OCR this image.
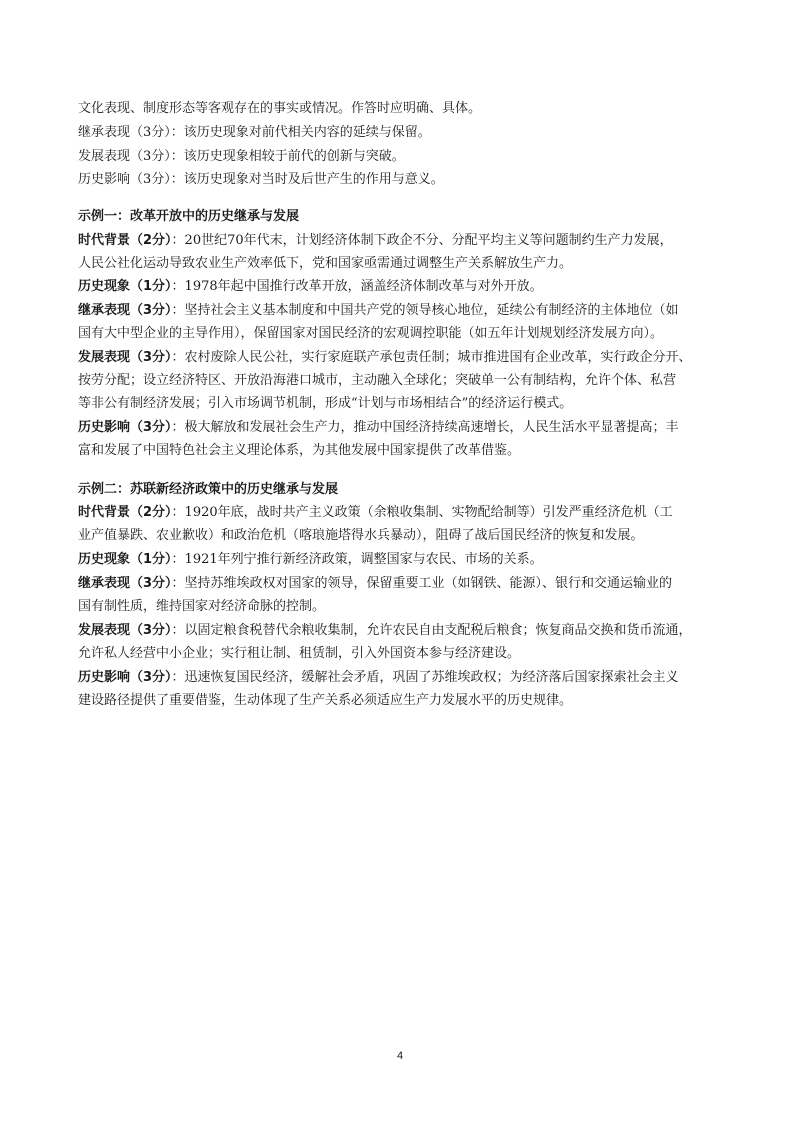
文化表现、制度形态等客观存在的事实或情况。作答时应明确、具体。
继承表现（3分）：该历史现象对前代相关内容的延续与保留。
发展表现（3分）：该历史现象相较于前代的创新与突破。
历史影响（3分）：该历史现象对当时及后世产生的作用与意义。
示例一：改革开放中的历史继承与发展
时代背景（2分）：20世纪70年代末，计划经济体制下政企不分、分配平均主义等问题制约生产力发展，
人民公社化运动导致农业生产效率低下，党和国家亟需通过调整生产关系解放生产力。
历史现象（1分）：1978年起中国推行改革开放，涵盖经济体制改革与对外开放。
继承表现（3分）：坚持社会主义基本制度和中国共产党的领导核心地位，延续公有制经济的主体地位（如
国有大中型企业的主导作用），保留国家对国民经济的宏观调控职能（如五年计划规划经济发展方向）。
发展表现（3分）：农村废除人民公社，实行家庭联产承包责任制；城市推进国有企业改革，实行政企分开、
按劳分配；设立经济特区、开放沿海港口城市，主动融入全球化；突破单一公有制结构，允许个体、私营
等非公有制经济发展；引入市场调节机制，形成“计划与市场相结合”的经济运行模式。
历史影响（3分）：极大解放和发展社会生产力，推动中国经济持续高速增长，人民生活水平显著提高；丰
富和发展了中国特色社会主义理论体系，为其他发展中国家提供了改革借鉴。
示例二：苏联新经济政策中的历史继承与发展
时代背景（2分）：1920年底，战时共产主义政策（余粮收集制、实物配给制等）引发严重经济危机（工
业产值暴跌、农业歉收）和政治危机（喀琅施塔得水兵暴动），阻碍了战后国民经济的恢复和发展。
历史现象（1分）：1921年列宁推行新经济政策，调整国家与农民、市场的关系。
继承表现（3分）：坚持苏维埃政权对国家的领导，保留重要工业（如钢铁、能源）、银行和交通运输业的
国有制性质，维持国家对经济命脉的控制。
发展表现（3分）：以固定粮食税替代余粮收集制，允许农民自由支配税后粮食；恢复商品交换和货币流通，
允许私人经营中小企业；实行租让制、租赁制，引入外国资本参与经济建设。
历史影响（3分）：迅速恢复国民经济，缓解社会矛盾，巩固了苏维埃政权；为经济落后国家探索社会主义
建设路径提供了重要借鉴，生动体现了生产关系必须适应生产力发展水平的历史规律。
4
